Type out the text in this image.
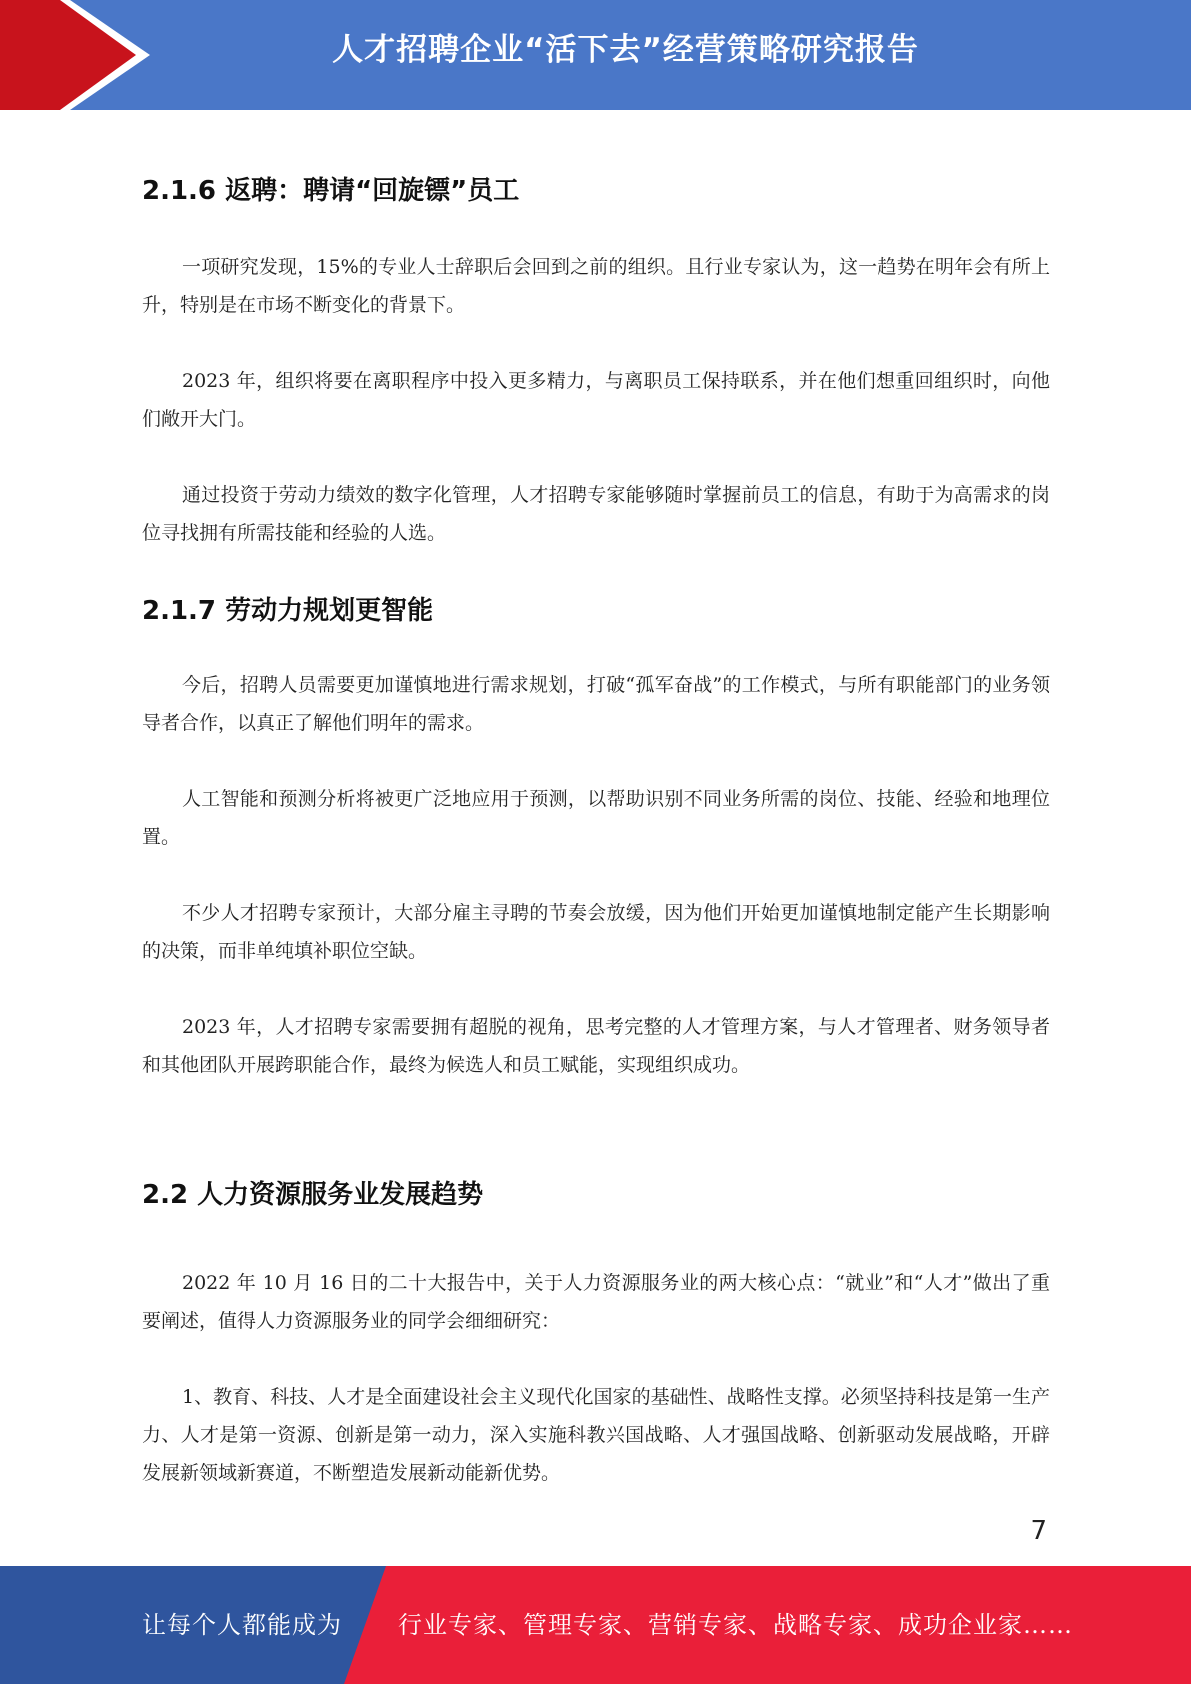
人才招聘企业“活下去”经营策略研究报告
2.1.6 返聘：聘请“回旋镖”员工

一项研究发现，15%的专业人士辞职后会回到之前的组织。且行业专家认为，这一趋势在明年会有所上升，特别是在市场不断变化的背景下。

2023 年，组织将要在离职程序中投入更多精力，与离职员工保持联系，并在他们想重回组织时，向他们敞开大门。

通过投资于劳动力绩效的数字化管理，人才招聘专家能够随时掌握前员工的信息，有助于为高需求的岗位寻找拥有所需技能和经验的人选。

2.1.7 劳动力规划更智能

今后，招聘人员需要更加谨慎地进行需求规划，打破“孤军奋战”的工作模式，与所有职能部门的业务领导者合作，以真正了解他们明年的需求。

人工智能和预测分析将被更广泛地应用于预测，以帮助识别不同业务所需的岗位、技能、经验和地理位置。

不少人才招聘专家预计，大部分雇主寻聘的节奏会放缓，因为他们开始更加谨慎地制定能产生长期影响的决策，而非单纯填补职位空缺。

2023 年，人才招聘专家需要拥有超脱的视角，思考完整的人才管理方案，与人才管理者、财务领导者和其他团队开展跨职能合作，最终为候选人和员工赋能，实现组织成功。

2.2 人力资源服务业发展趋势

2022 年 10 月 16 日的二十大报告中，关于人力资源服务业的两大核心点：“就业”和“人才”做出了重要阐述，值得人力资源服务业的同学会细细研究：

1、教育、科技、人才是全面建设社会主义现代化国家的基础性、战略性支撑。必须坚持科技是第一生产力、人才是第一资源、创新是第一动力，深入实施科教兴国战略、人才强国战略、创新驱动发展战略，开辟发展新领域新赛道，不断塑造发展新动能新优势。

7
让每个人都能成为 行业专家、管理专家、营销专家、战略专家、成功企业家……
